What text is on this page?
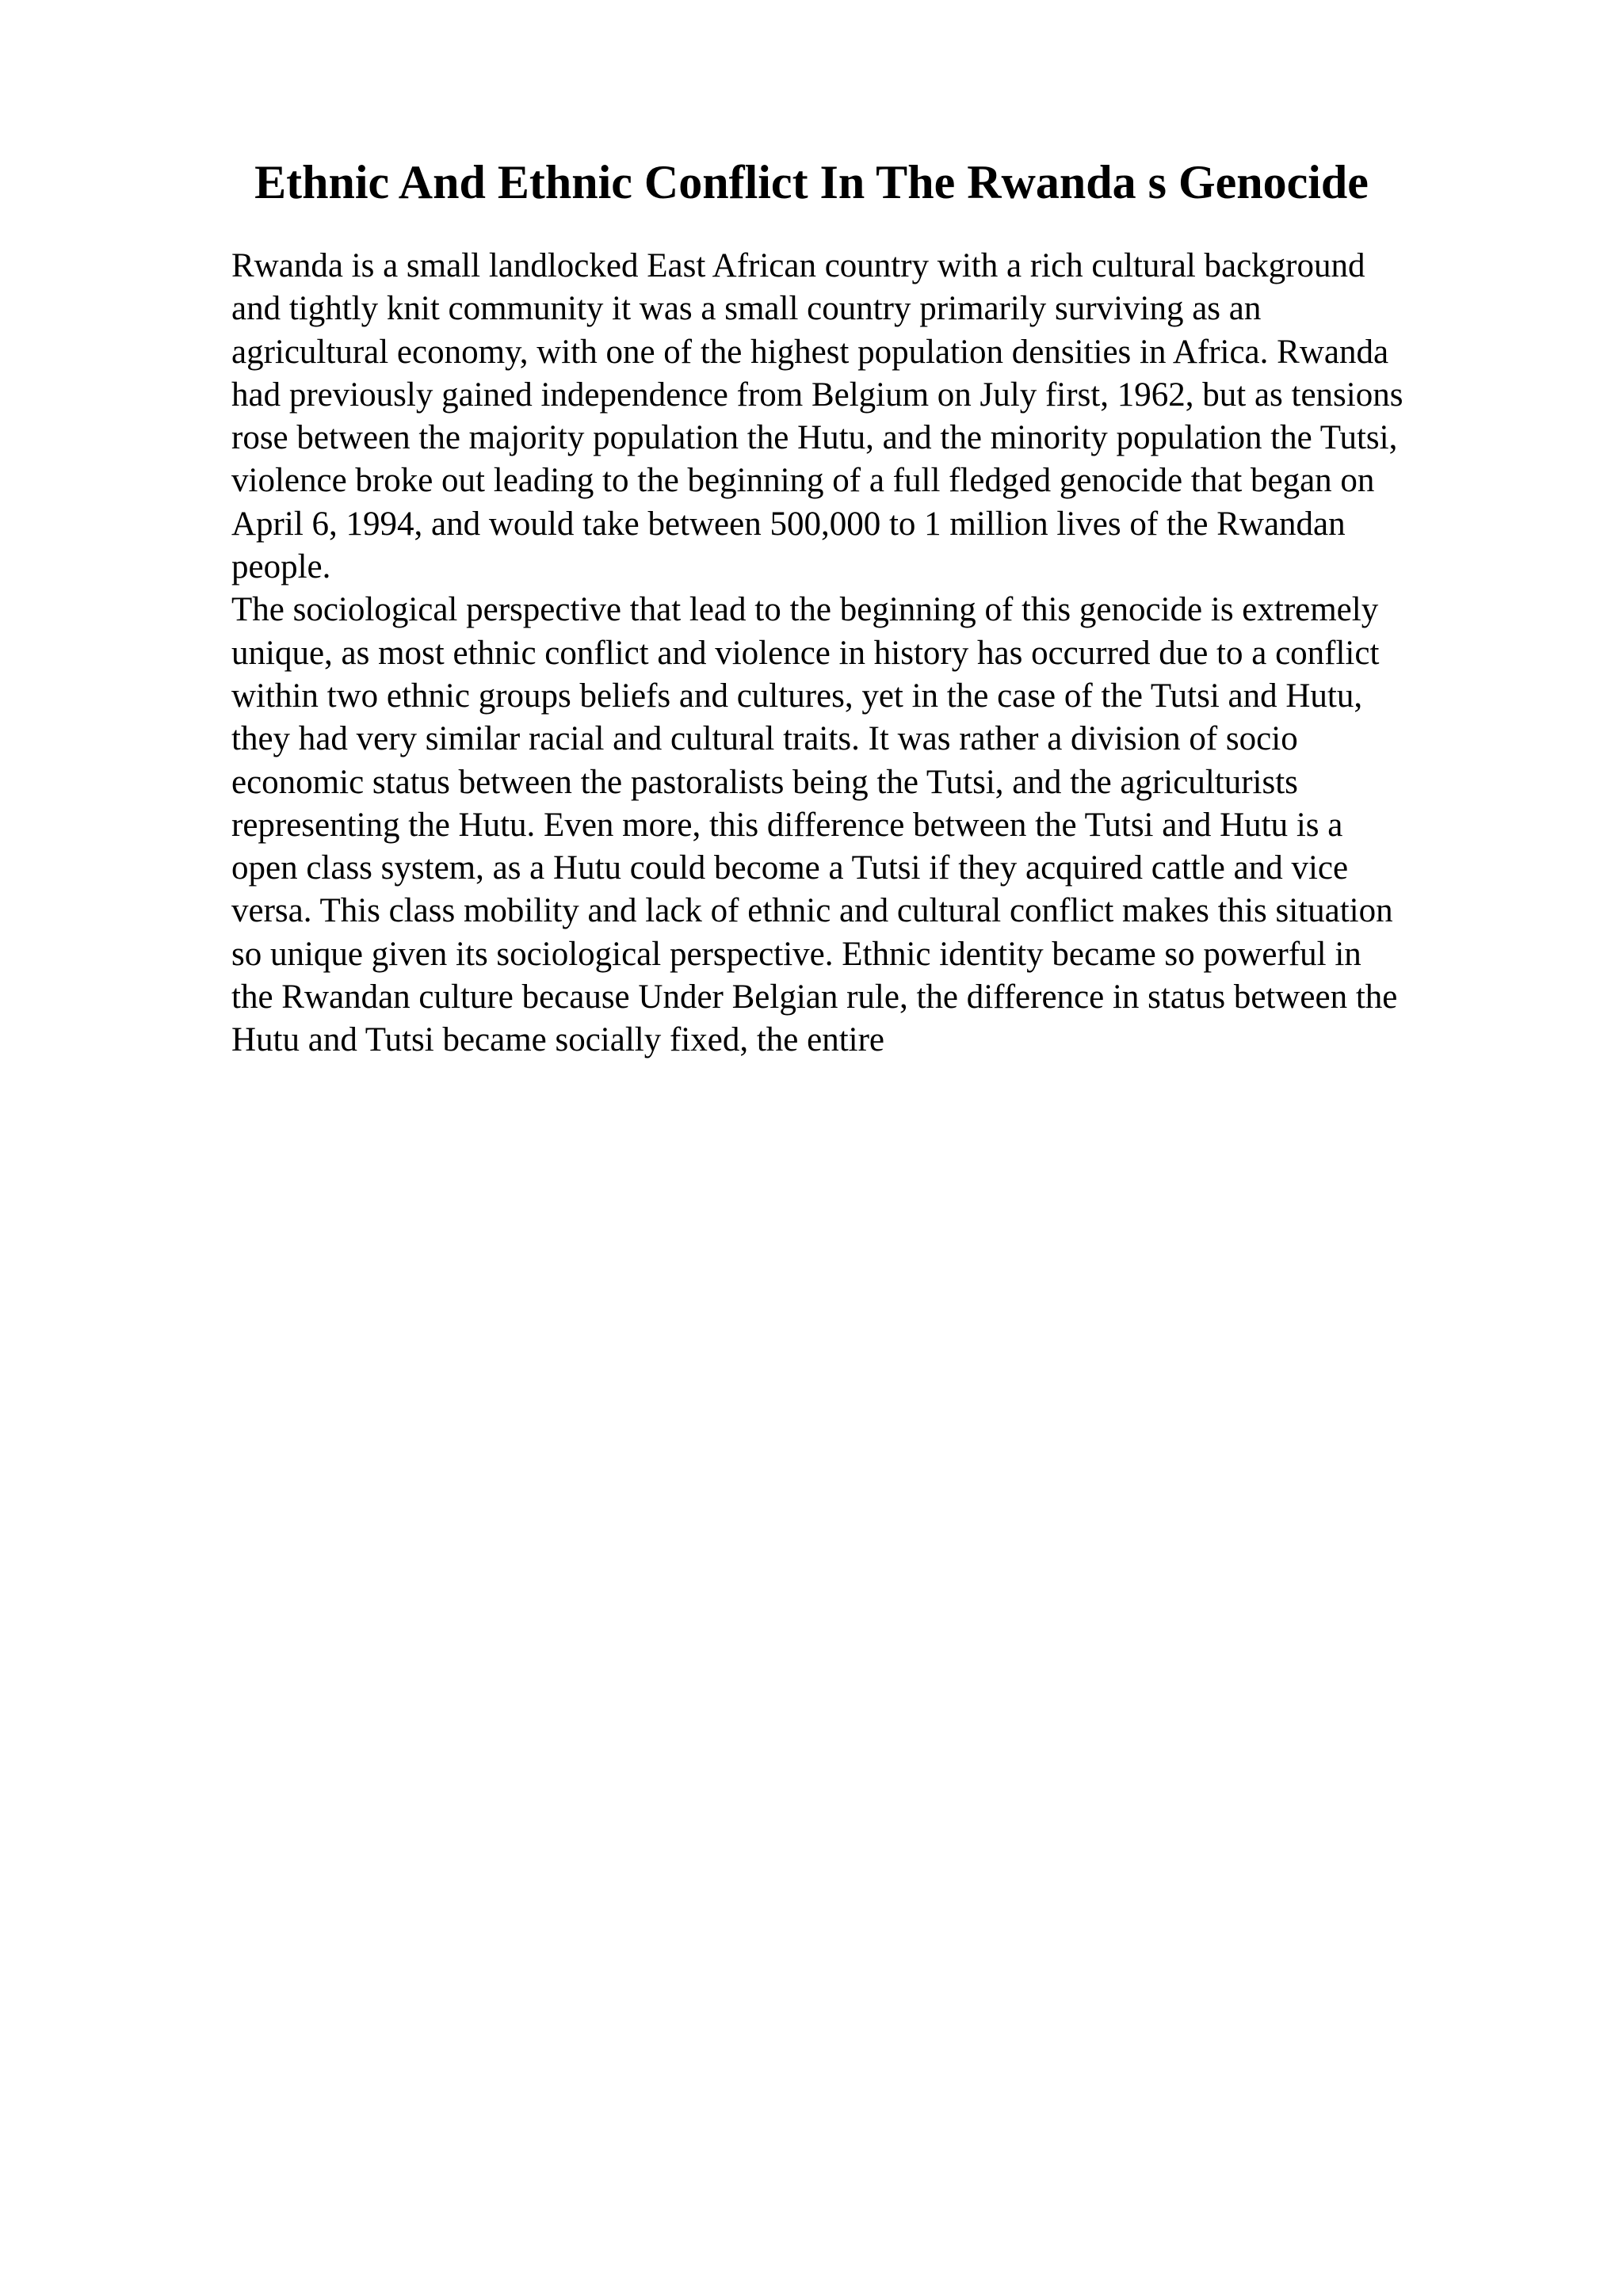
Ethnic And Ethnic Conflict In The Rwanda s Genocide
Rwanda is a small landlocked East African country with a rich cultural background
and tightly knit community it was a small country primarily surviving as an
agricultural economy, with one of the highest population densities in Africa. Rwanda
had previously gained independence from Belgium on July first, 1962, but as tensions
rose between the majority population the Hutu, and the minority population the Tutsi,
violence broke out leading to the beginning of a full fledged genocide that began on
April 6, 1994, and would take between 500,000 to 1 million lives of the Rwandan
people.
The sociological perspective that lead to the beginning of this genocide is extremely
unique, as most ethnic conflict and violence in history has occurred due to a conflict
within two ethnic groups beliefs and cultures, yet in the case of the Tutsi and Hutu,
they had very similar racial and cultural traits. It was rather a division of socio
economic status between the pastoralists being the Tutsi, and the agriculturists
representing the Hutu. Even more, this difference between the Tutsi and Hutu is a
open class system, as a Hutu could become a Tutsi if they acquired cattle and vice
versa. This class mobility and lack of ethnic and cultural conflict makes this situation
so unique given its sociological perspective. Ethnic identity became so powerful in
the Rwandan culture because Under Belgian rule, the difference in status between the
Hutu and Tutsi became socially fixed, the entire
